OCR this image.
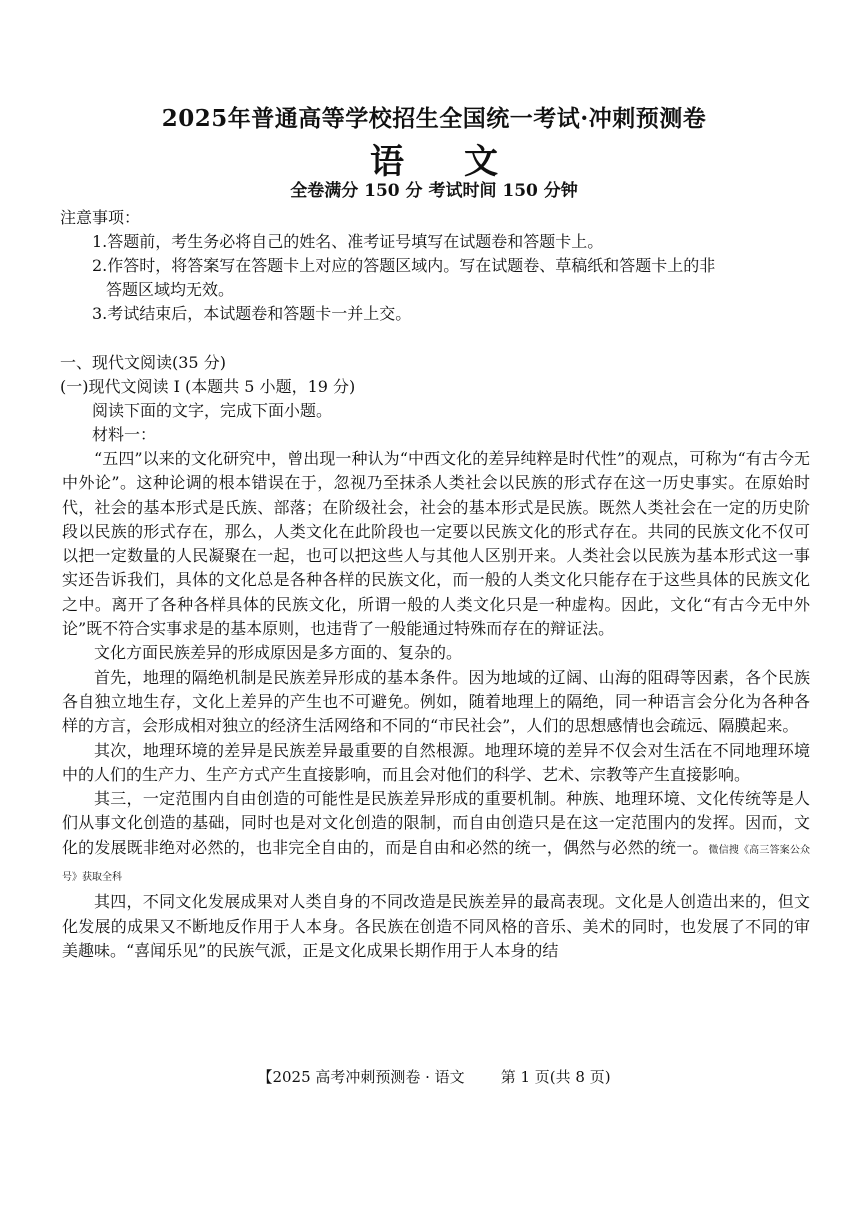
2025年普通高等学校招生全国统一考试·冲刺预测卷
语文
全卷满分 150 分 考试时间 150 分钟
注意事项：
1.答题前，考生务必将自己的姓名、准考证号填写在试题卷和答题卡上。
2.作答时，将答案写在答题卡上对应的答题区域内。写在试题卷、草稿纸和答题卡上的非
答题区域均无效。
3.考试结束后，本试题卷和答题卡一并上交。
一、现代文阅读(35 分)
(一)现代文阅读 I (本题共 5 小题，19 分)
阅读下面的文字，完成下面小题。
材料一：

“五四”以来的文化研究中，曾出现一种认为“中西文化的差异纯粹是时代性”的观点，可称为“有古今无中外论”。这种论调的根本错误在于，忽视乃至抹杀人类社会以民族的形式存在这一历史事实。在原始时代，社会的基本形式是氏族、部落；在阶级社会，社会的基本形式是民族。既然人类社会在一定的历史阶段以民族的形式存在，那么，人类文化在此阶段也一定要以民族文化的形式存在。共同的民族文化不仅可以把一定数量的人民凝聚在一起，也可以把这些人与其他人区别开来。人类社会以民族为基本形式这一事实还告诉我们，具体的文化总是各种各样的民族文化，而一般的人类文化只能存在于这些具体的民族文化之中。离开了各种各样具体的民族文化，所谓一般的人类文化只是一种虚构。因此，文化“有古今无中外论”既不符合实事求是的基本原则，也违背了一般能通过特殊而存在的辩证法。

文化方面民族差异的形成原因是多方面的、复杂的。

首先，地理的隔绝机制是民族差异形成的基本条件。因为地域的辽阔、山海的阻碍等因素，各个民族各自独立地生存，文化上差异的产生也不可避免。例如，随着地理上的隔绝，同一种语言会分化为各种各样的方言，会形成相对独立的经济生活网络和不同的“市民社会”，人们的思想感情也会疏远、隔膜起来。

其次，地理环境的差异是民族差异最重要的自然根源。地理环境的差异不仅会对生活在不同地理环境中的人们的生产力、生产方式产生直接影响，而且会对他们的科学、艺术、宗教等产生直接影响。

其三，一定范围内自由创造的可能性是民族差异形成的重要机制。种族、地理环境、文化传统等是人们从事文化创造的基础，同时也是对文化创造的限制，而自由创造只是在这一定范围内的发挥。因而，文化的发展既非绝对必然的，也非完全自由的，而是自由和必然的统一，偶然与必然的统一。微信搜《高三答案公众号》获取全科

其四，不同文化发展成果对人类自身的不同改造是民族差异的最高表现。文化是人创造出来的，但文化发展的成果又不断地反作用于人本身。各民族在创造不同风格的音乐、美术的同时，也发展了不同的审美趣味。“喜闻乐见”的民族气派，正是文化成果长期作用于人本身的结

【2025 高考冲刺预测卷 · 语文 第 1 页(共 8 页)
